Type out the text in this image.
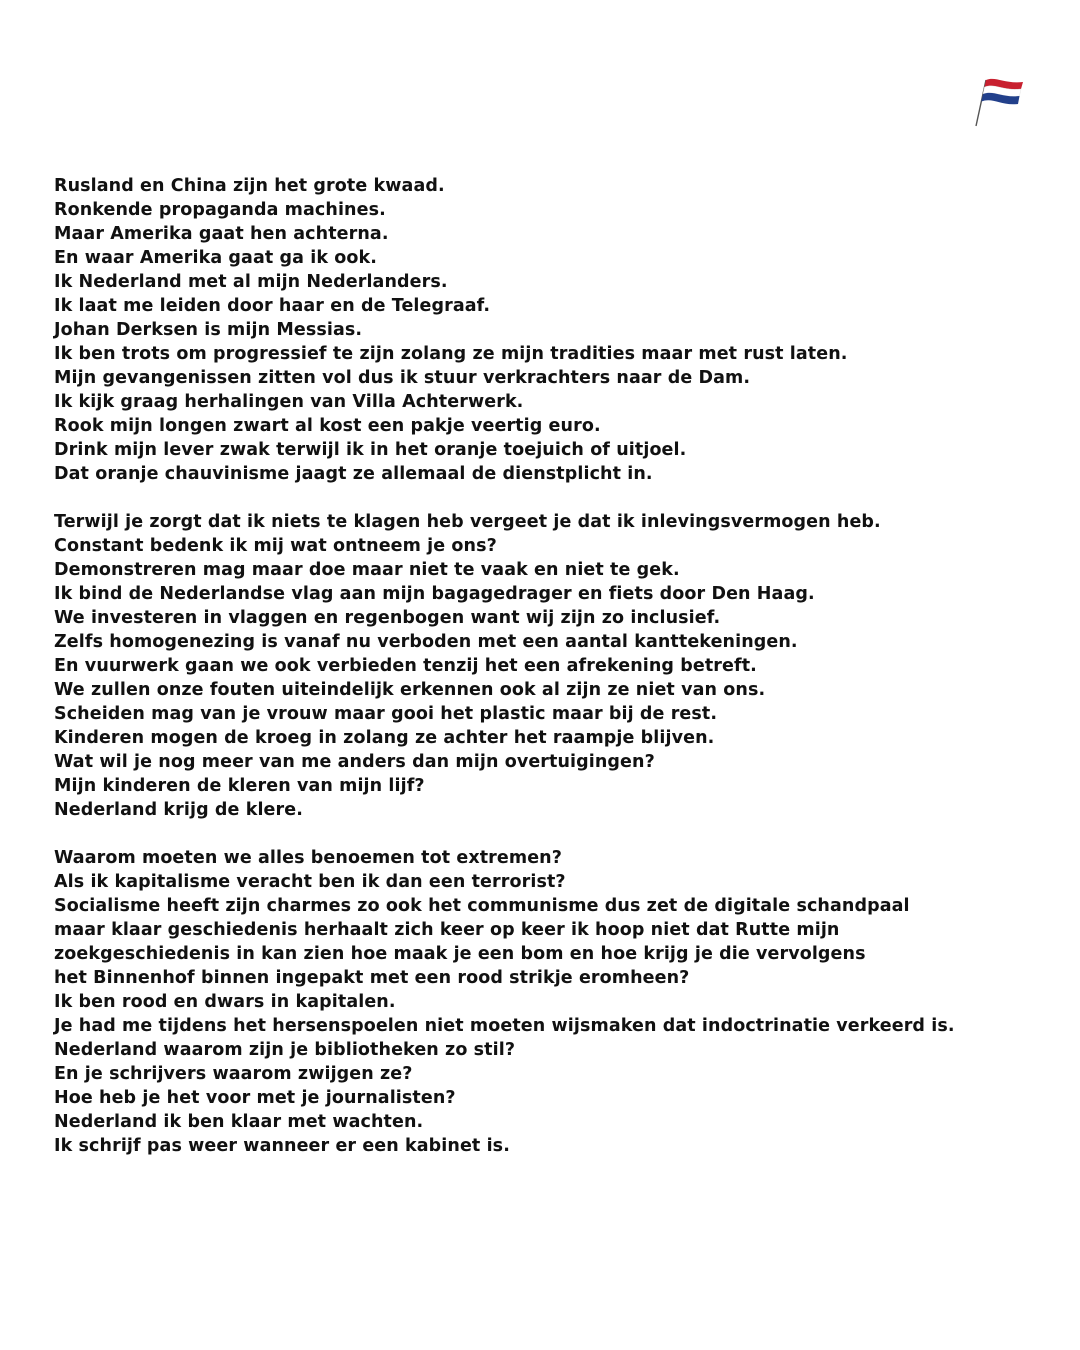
Rusland en China zijn het grote kwaad.
Ronkende propaganda machines.
Maar Amerika gaat hen achterna.
En waar Amerika gaat ga ik ook.
Ik Nederland met al mijn Nederlanders.
Ik laat me leiden door haar en de Telegraaf.
Johan Derksen is mijn Messias.
Ik ben trots om progressief te zijn zolang ze mijn tradities maar met rust laten.
Mijn gevangenissen zitten vol dus ik stuur verkrachters naar de Dam.
Ik kijk graag herhalingen van Villa Achterwerk.
Rook mijn longen zwart al kost een pakje veertig euro.
Drink mijn lever zwak terwijl ik in het oranje toejuich of uitjoel.
Dat oranje chauvinisme jaagt ze allemaal de dienstplicht in.
Terwijl je zorgt dat ik niets te klagen heb vergeet je dat ik inlevingsvermogen heb.
Constant bedenk ik mij wat ontneem je ons?
Demonstreren mag maar doe maar niet te vaak en niet te gek.
Ik bind de Nederlandse vlag aan mijn bagagedrager en fiets door Den Haag.
We investeren in vlaggen en regenbogen want wij zijn zo inclusief.
Zelfs homogenezing is vanaf nu verboden met een aantal kanttekeningen.
En vuurwerk gaan we ook verbieden tenzij het een afrekening betreft.
We zullen onze fouten uiteindelijk erkennen ook al zijn ze niet van ons.
Scheiden mag van je vrouw maar gooi het plastic maar bij de rest.
Kinderen mogen de kroeg in zolang ze achter het raampje blijven.
Wat wil je nog meer van me anders dan mijn overtuigingen?
Mijn kinderen de kleren van mijn lijf?
Nederland krijg de klere.
Waarom moeten we alles benoemen tot extremen?
Als ik kapitalisme veracht ben ik dan een terrorist?
Socialisme heeft zijn charmes zo ook het communisme dus zet de digitale schandpaal
maar klaar geschiedenis herhaalt zich keer op keer ik hoop niet dat Rutte mijn
zoekgeschiedenis in kan zien hoe maak je een bom en hoe krijg je die vervolgens
het Binnenhof binnen ingepakt met een rood strikje eromheen?
Ik ben rood en dwars in kapitalen.
Je had me tijdens het hersenspoelen niet moeten wijsmaken dat indoctrinatie verkeerd is.
Nederland waarom zijn je bibliotheken zo stil?
En je schrijvers waarom zwijgen ze?
Hoe heb je het voor met je journalisten?
Nederland ik ben klaar met wachten.
Ik schrijf pas weer wanneer er een kabinet is.
